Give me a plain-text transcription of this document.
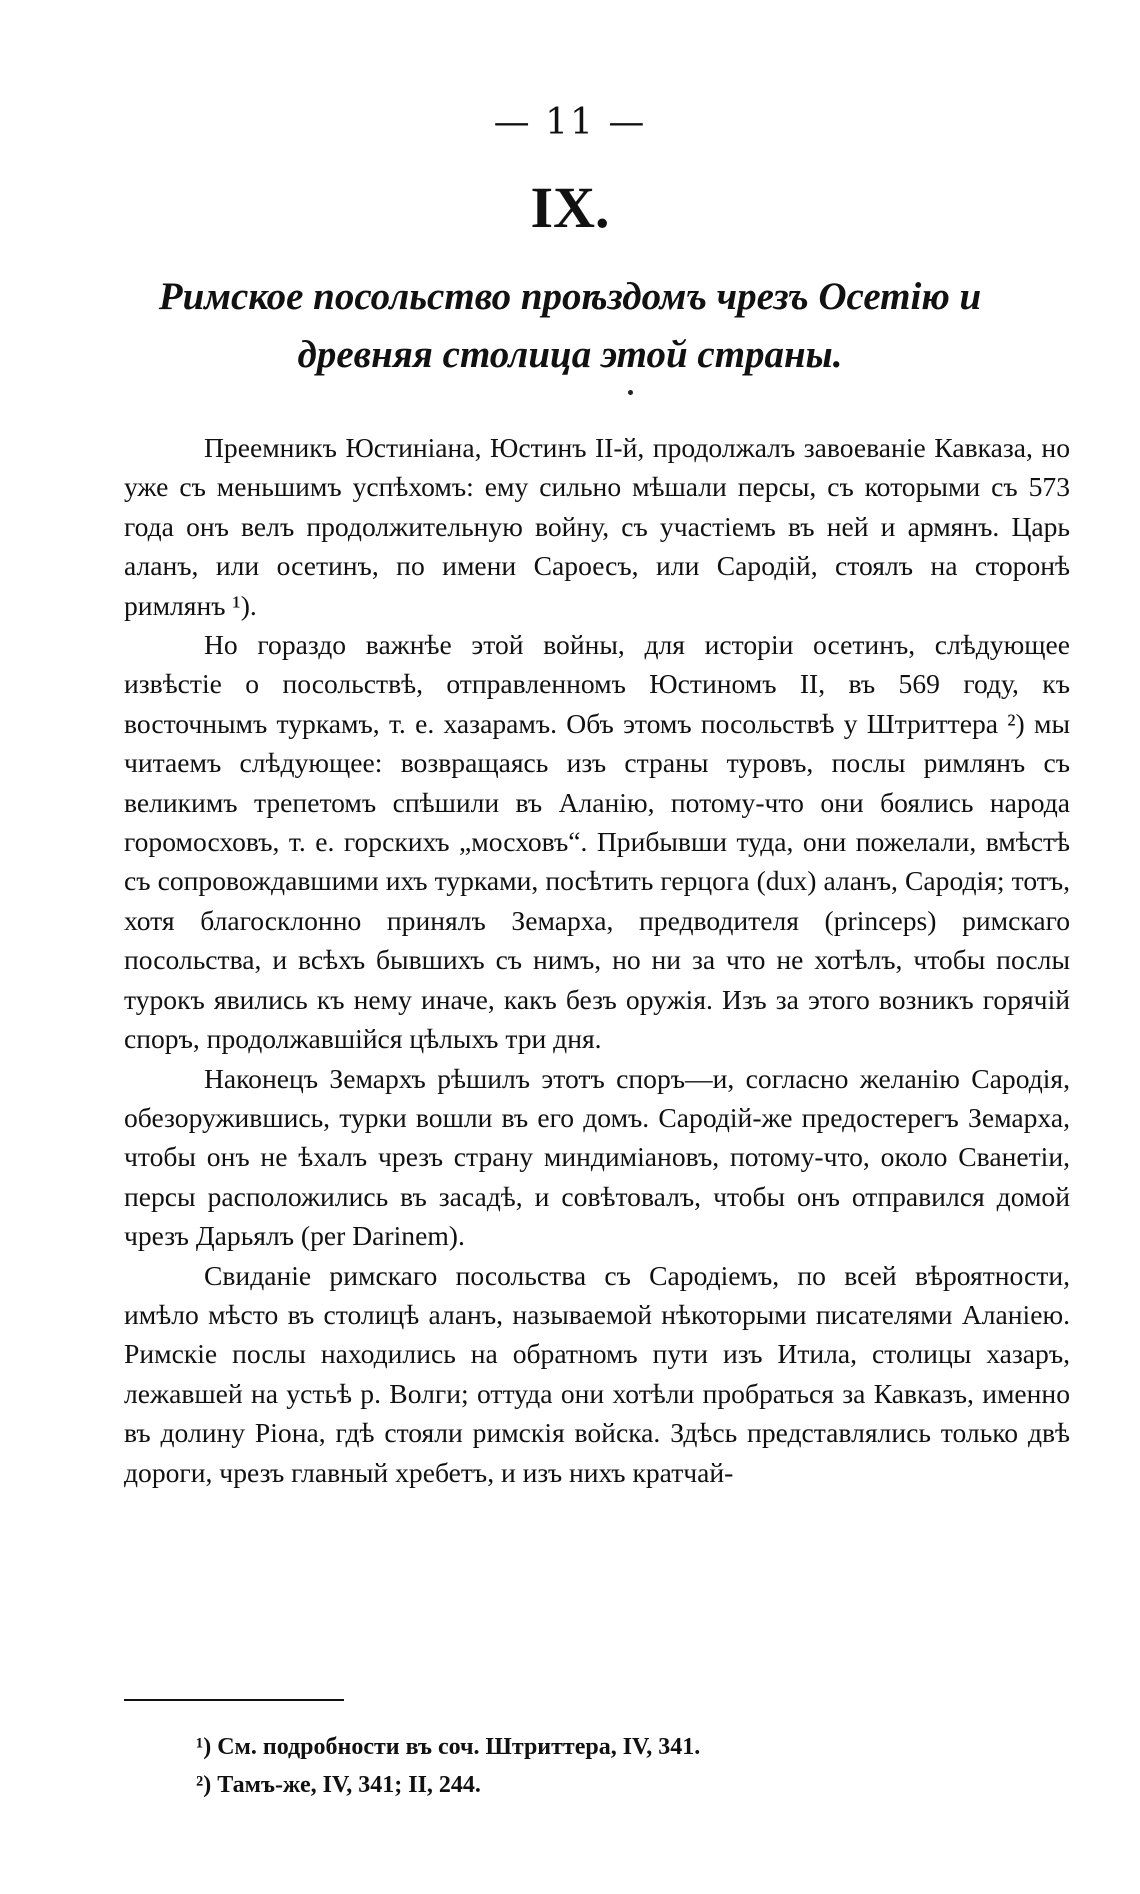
— 11 —
IX.
Римское посольство проѣздомъ чрезъ Осетiю и древняя столица этой страны.

Преемникъ Юстиніана, Юстинъ II-й, продолжалъ завоеваніе Кавказа, но уже съ меньшимъ успѣхомъ: ему сильно мѣшали персы, съ которыми съ 573 года онъ велъ продолжительную войну, съ участіемъ въ ней и армянъ. Царь аланъ, или осетинъ, по имени Сароесъ, или Сародій, стоялъ на сторонѣ римлянъ ¹).

Но гораздо важнѣе этой войны, для исторіи осетинъ, слѣдующее извѣстіе о посольствѣ, отправленномъ Юстиномъ II, въ 569 году, къ восточнымъ туркамъ, т. е. хазарамъ. Объ этомъ посольствѣ у Штриттера ²) мы читаемъ слѣдующее: возвращаясь изъ страны туровъ, послы римлянъ съ великимъ трепетомъ спѣшили въ Аланію, потому-что они боялись народа горомосховъ, т. е. горскихъ „мосховъ“. Прибывши туда, они пожелали, вмѣстѣ съ сопровождавшими ихъ турками, посѣтить герцога (dux) аланъ, Сародія; тотъ, хотя благосклонно принялъ Земарха, предводителя (princeps) римскаго посольства, и всѣхъ бывшихъ съ нимъ, но ни за что не хотѣлъ, чтобы послы турокъ явились къ нему иначе, какъ безъ оружія. Изъ за этого возникъ горячій споръ, продолжавшійся цѣлыхъ три дня.

Наконецъ Земархъ рѣшилъ этотъ споръ—и, согласно желанію Сародія, обезоружившись, турки вошли въ его домъ. Сародій-же предостерегъ Земарха, чтобы онъ не ѣхалъ чрезъ страну миндиміановъ, потому-что, около Сванетіи, персы расположились въ засадѣ, и совѣтовалъ, чтобы онъ отправился домой чрезъ Дарьялъ (per Darinem).

Свиданіе римскаго посольства съ Сародіемъ, по всей вѣроятности, имѣло мѣсто въ столицѣ аланъ, называемой нѣкоторыми писателями Аланіею. Римскіе послы находились на обратномъ пути изъ Итила, столицы хазаръ, лежавшей на устьѣ р. Волги; оттуда они хотѣли пробраться за Кавказъ, именно въ долину Ріона, гдѣ стояли римскія войска. Здѣсь представлялись только двѣ дороги, чрезъ главный хребетъ, и изъ нихъ кратчай-

¹) См. подробности въ соч. Штриттера, IV, 341.
²) Тамъ-же, IV, 341; II, 244.
